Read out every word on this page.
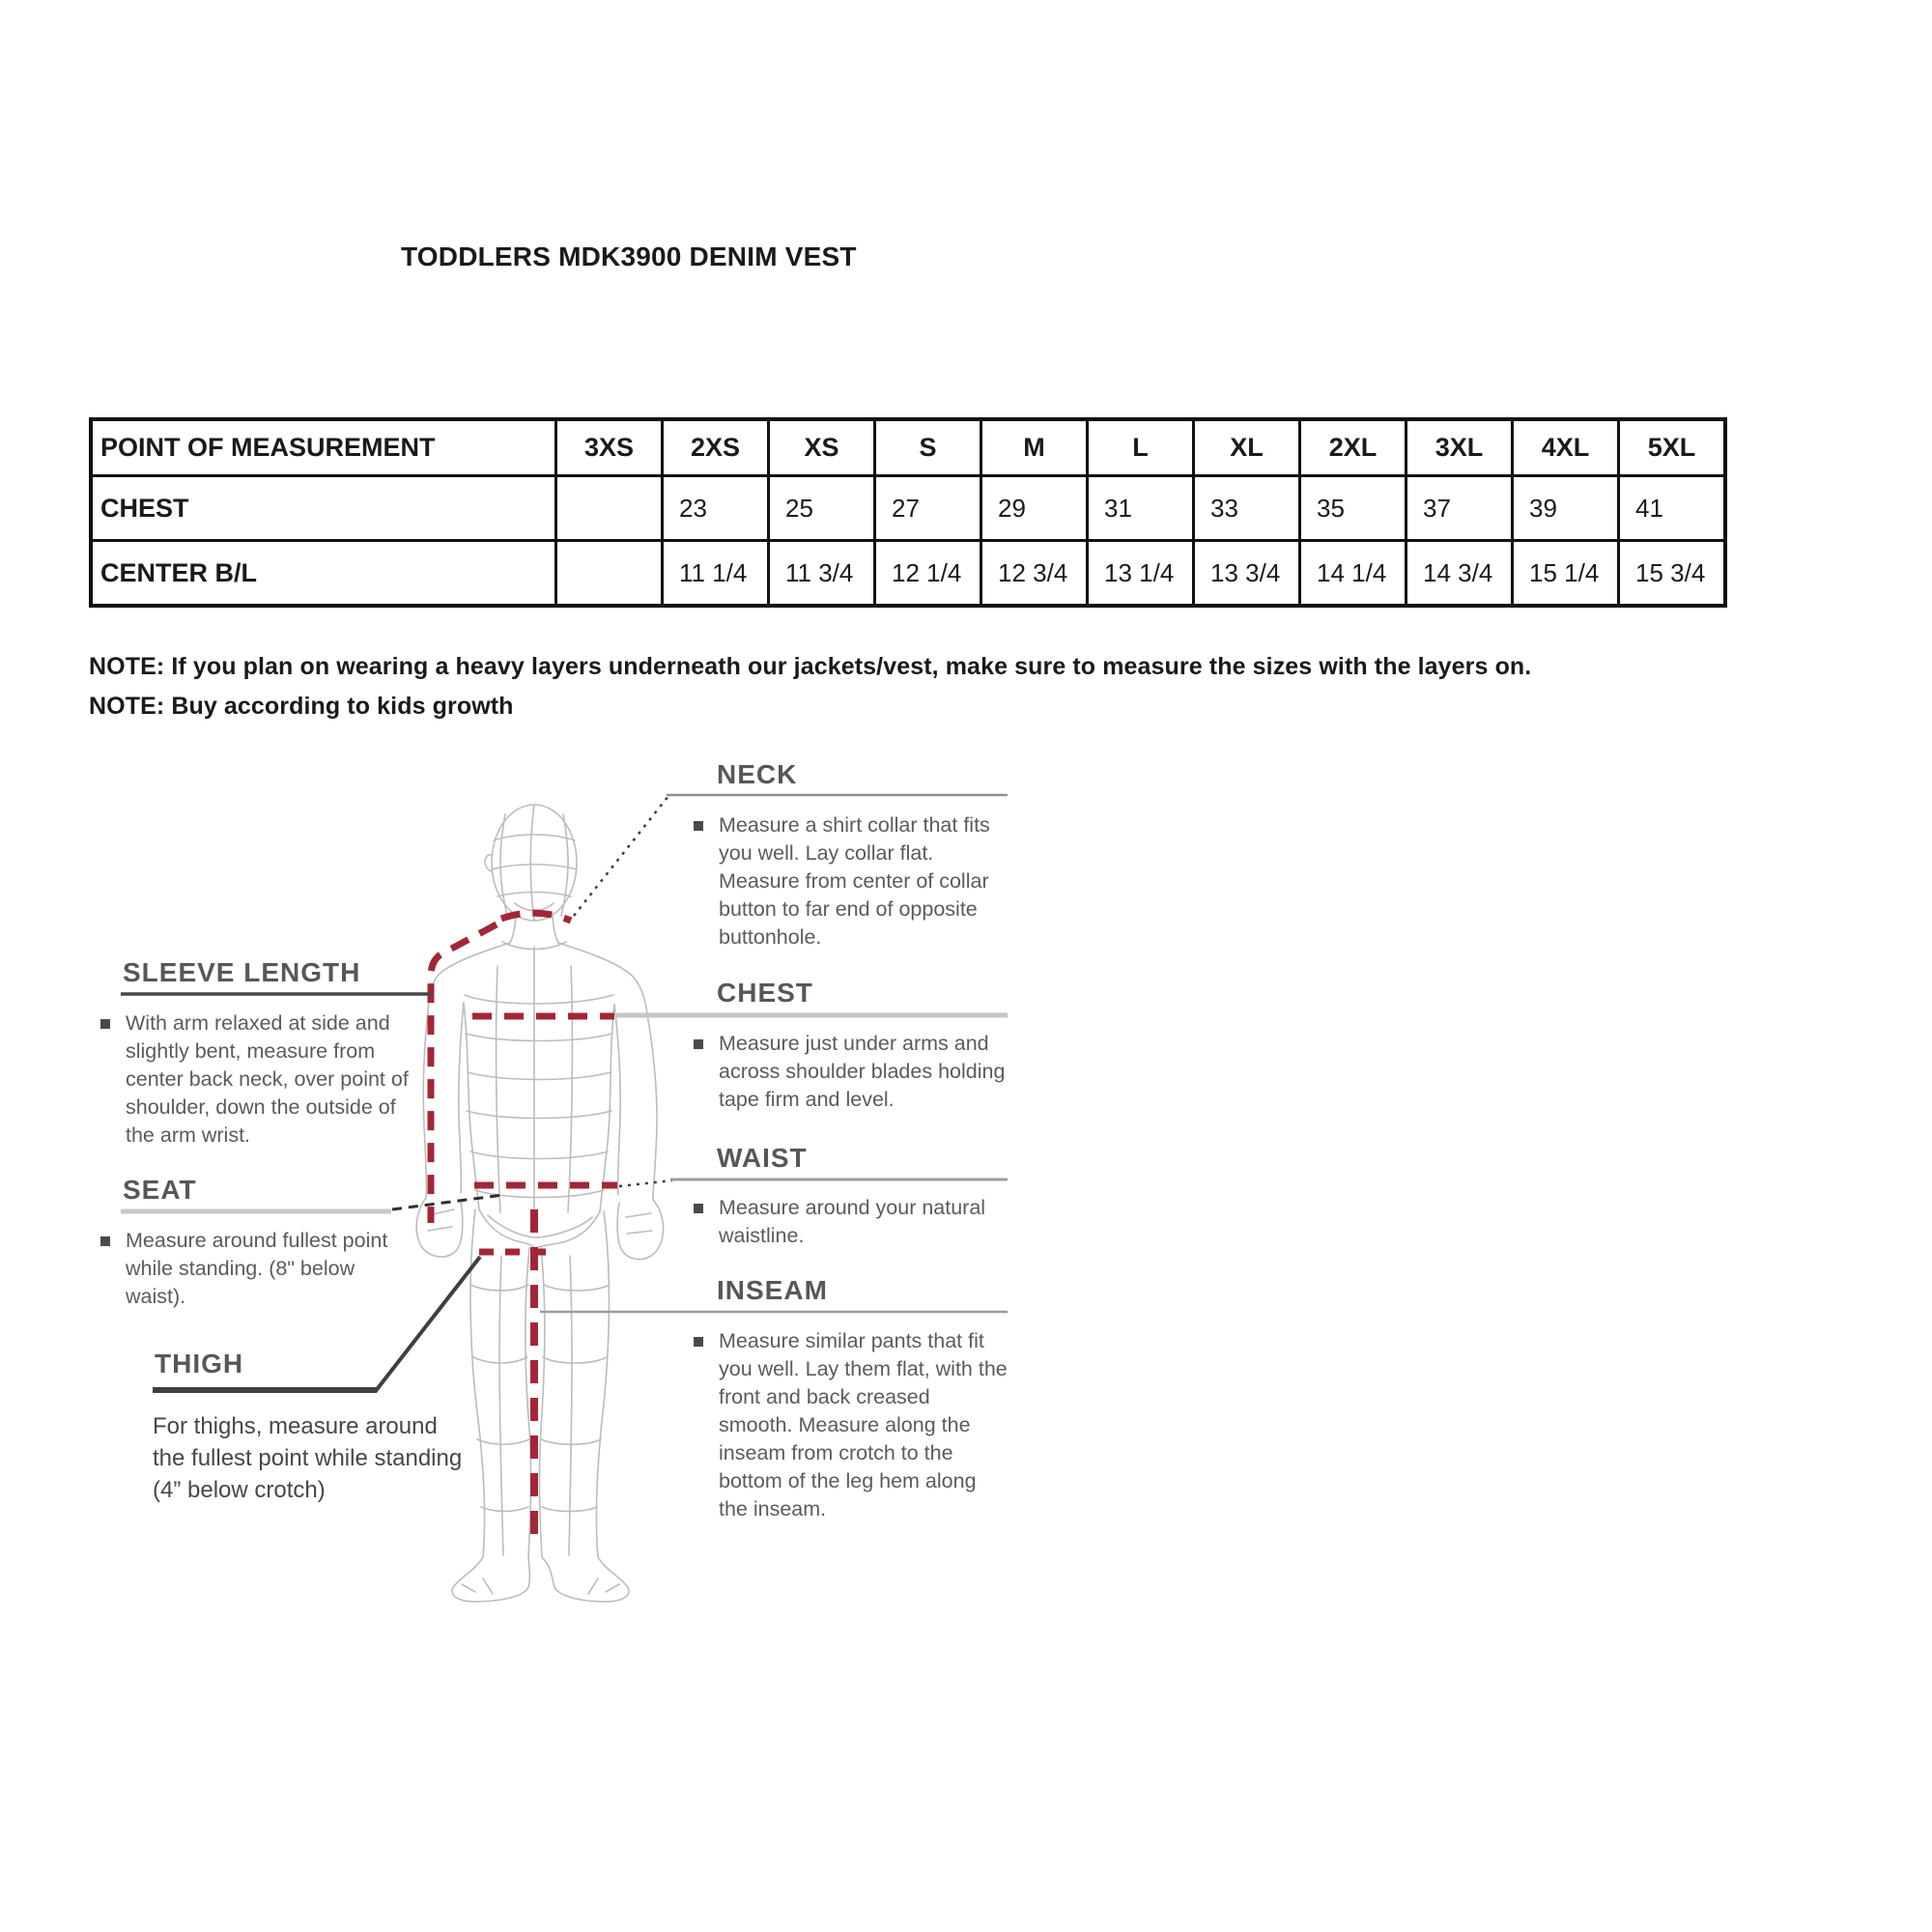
TODDLERS MDK3900 DENIM VEST
POINT OF MEASUREMENT	3XS	2XS	XS	S	M	L	XL	2XL	3XL	4XL	5XL
CHEST		23	25	27	29	31	33	35	37	39	41
CENTER B/L		11 1/4	11 3/4	12 1/4	12 3/4	13 1/4	13 3/4	14 1/4	14 3/4	15 1/4	15 3/4
NOTE: If you plan on wearing a heavy layers underneath our jackets/vest, make sure to measure the sizes with the layers on.
NOTE: Buy according to kids growth
NECK
Measure a shirt collar that fits you well. Lay collar flat. Measure from center of collar button to far end of opposite buttonhole.
CHEST
Measure just under arms and across shoulder blades holding tape firm and level.
WAIST
Measure around your natural waistline.
INSEAM
Measure similar pants that fit you well. Lay them flat, with the front and back creased smooth. Measure along the inseam from crotch to the bottom of the leg hem along the inseam.
SLEEVE LENGTH
With arm relaxed at side and slightly bent, measure from center back neck, over point of shoulder, down the outside of the arm wrist.
SEAT
Measure around fullest point while standing. (8" below waist).
THIGH
For thighs, measure around the fullest point while standing (4” below crotch)
